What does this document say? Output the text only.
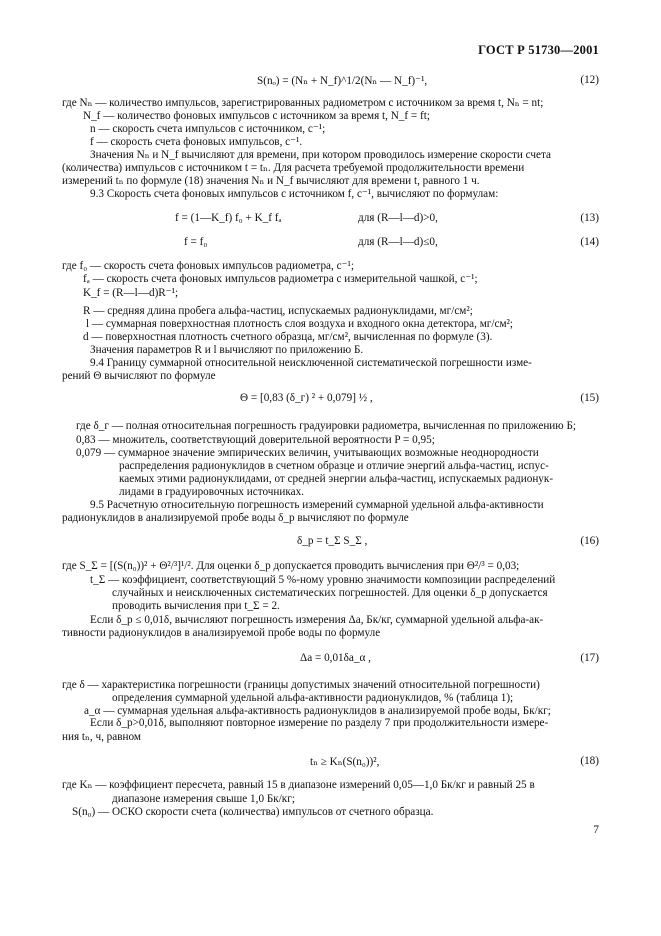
ГОСТ Р 51730—2001
S(nₒ) = (Nₙ + N_f)^1/2(Nₙ — N_f)⁻¹,	(12)
где Nₙ — количество импульсов, зарегистрированных радиометром с источником за время t, Nₙ = nt;
N_f — количество фоновых импульсов с источником за время t, N_f = ft;
n — скорость счета импульсов с источником, с⁻¹;
f — скорость счета фоновых импульсов, с⁻¹.
Значения Nₙ и N_f вычисляют для времени, при котором проводилось измерение скорости счета
(количества) импульсов с источником t = tₙ. Для расчета требуемой продолжительности времени
измерений tₙ по формуле (18) значения Nₙ и N_f вычисляют для времени t, равного 1 ч.
9.3 Скорость счета фоновых импульсов с источником f, с⁻¹, вычисляют по формулам:
f = (1—K_f) f₀ + K_f fₐ	для (R—l—d)>0,	(13)
f = f₀	для (R—l—d)≤0,	(14)
где f₀ — скорость счета фоновых импульсов радиометра, с⁻¹;
fₐ — скорость счета фоновых импульсов радиометра с измерительной чашкой, с⁻¹;
K_f = (R—l—d)R⁻¹;
R — средняя длина пробега альфа-частиц, испускаемых радионуклидами, мг/см²;
l — суммарная поверхностная плотность слоя воздуха и входного окна детектора, мг/см²;
d — поверхностная плотность счетного образца, мг/см², вычисленная по формуле (3).
Значения параметров R и l вычисляют по приложению Б.
9.4 Границу суммарной относительной неисключенной систематической погрешности изме-
рений Θ вычисляют по формуле
Θ = [0,83 (δ_г) ² + 0,079] ½ ,	(15)
где δ_г — полная относительная погрешность градуировки радиометра, вычисленная по приложению Б;
0,83 — множитель, соответствующий доверительной вероятности P = 0,95;
0,079 — суммарное значение эмпирических величин, учитывающих возможные неоднородности
распределения радионуклидов в счетном образце и отличие энергий альфа-частиц, испус-
каемых этими радионуклидами, от средней энергии альфа-частиц, испускаемых радионук-
лидами в градуировочных источниках.
9.5 Расчетную относительную погрешность измерений суммарной удельной альфа-активности
радионуклидов в анализируемой пробе воды δ_р вычисляют по формуле
δ_р = t_Σ S_Σ ,	(16)
где S_Σ = [(S(n₀))² + Θ²/³]¹/². Для оценки δ_р допускается проводить вычисления при Θ²/³ = 0,03;
t_Σ — коэффициент, соответствующий 5 %-ному уровню значимости композиции распределений
случайных и неисключенных систематических погрешностей. Для оценки δ_р допускается
проводить вычисления при t_Σ = 2.
Если δ_р ≤ 0,01δ, вычисляют погрешность измерения Δa, Бк/кг, суммарной удельной альфа-ак-
тивности радионуклидов в анализируемой пробе воды по формуле
Δa = 0,01δa_α ,	(17)
где δ — характеристика погрешности (границы допустимых значений относительной погрешности)
определения суммарной удельной альфа-активности радионуклидов, % (таблица 1);
a_α — суммарная удельная альфа-активность радионуклидов в анализируемой пробе воды, Бк/кг;
Если δ_р>0,01δ, выполняют повторное измерение по разделу 7 при продолжительности измере-
ния tₙ, ч, равном
tₙ ≥ Kₙ(S(n₀))²,	(18)
где Kₙ — коэффициент пересчета, равный 15 в диапазоне измерений 0,05—1,0 Бк/кг и равный 25 в
диапазоне измерения свыше 1,0 Бк/кг;
S(n₀) — ОСКО скорости счета (количества) импульсов от счетного образца.
7
